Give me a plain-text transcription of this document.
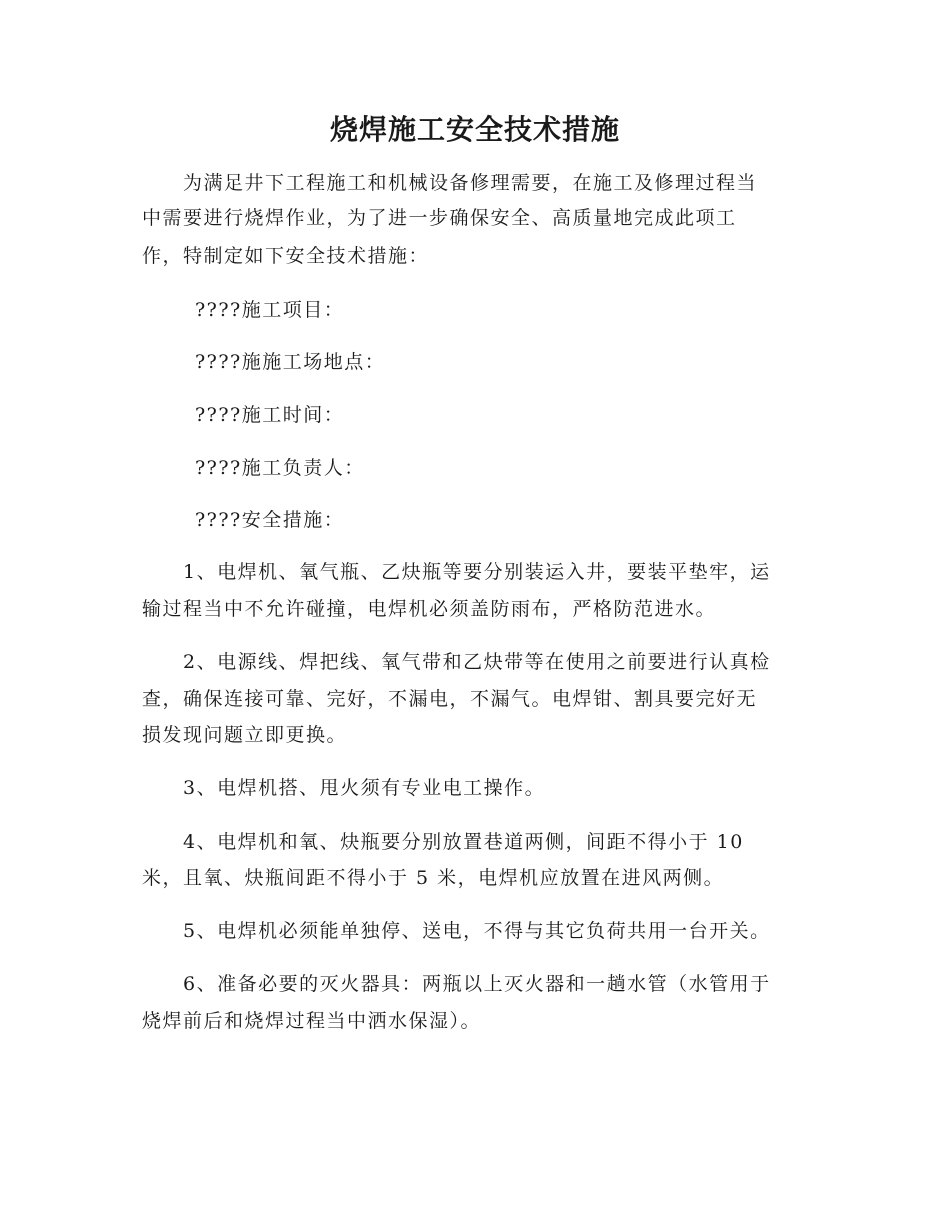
烧焊施工安全技术措施
为满足井下工程施工和机械设备修理需要，在施工及修理过程当
中需要进行烧焊作业，为了进一步确保安全、高质量地完成此项工
作，特制定如下安全技术措施：
????施工项目：
????施施工场地点：
????施工时间：
????施工负责人：
????安全措施：
1、电焊机、氧气瓶、乙炔瓶等要分别装运入井，要装平垫牢，运
输过程当中不允许碰撞，电焊机必须盖防雨布，严格防范进水。
2、电源线、焊把线、氧气带和乙炔带等在使用之前要进行认真检
查，确保连接可靠、完好，不漏电，不漏气。电焊钳、割具要完好无
损发现问题立即更换。
3、电焊机搭、甩火须有专业电工操作。
4、电焊机和氧、炔瓶要分别放置巷道两侧，间距不得小于 10
米，且氧、炔瓶间距不得小于 5 米，电焊机应放置在进风两侧。
5、电焊机必须能单独停、送电，不得与其它负荷共用一台开关。
6、准备必要的灭火器具：两瓶以上灭火器和一趟水管（水管用于
烧焊前后和烧焊过程当中洒水保湿）。
